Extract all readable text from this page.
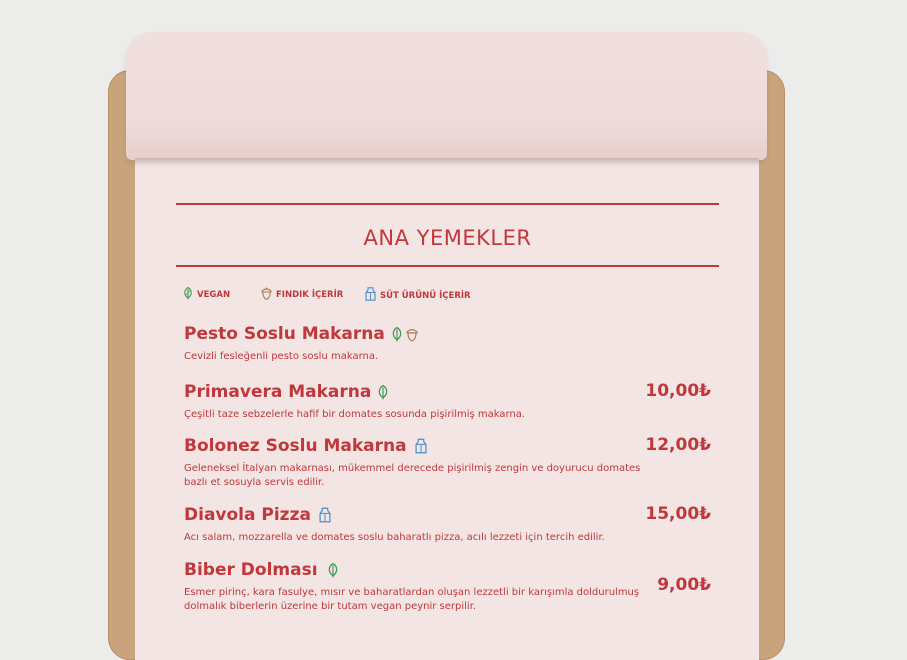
ANA YEMEKLER
VEGAN	FINDIK İÇERİR	SÜT ÜRÜNÜ İÇERİR
Pesto Soslu Makarna
Cevizli fesleğenli pesto soslu makarna.
Primavera Makarna
Çeşitli taze sebzelerle hafif bir domates sosunda pişirilmiş makarna.
10,00₺
Bolonez Soslu Makarna
Geleneksel İtalyan makarnası, mükemmel derecede pişirilmiş zengin ve doyurucu domates bazlı et sosuyla servis edilir.
12,00₺
Diavola Pizza
Acı salam, mozzarella ve domates soslu baharatlı pizza, acılı lezzeti için tercih edilir.
15,00₺
Biber Dolması
Esmer pirinç, kara fasulye, mısır ve baharatlardan oluşan lezzetli bir karışımla doldurulmuş dolmalık biberlerin üzerine bir tutam vegan peynir serpilir.
9,00₺
